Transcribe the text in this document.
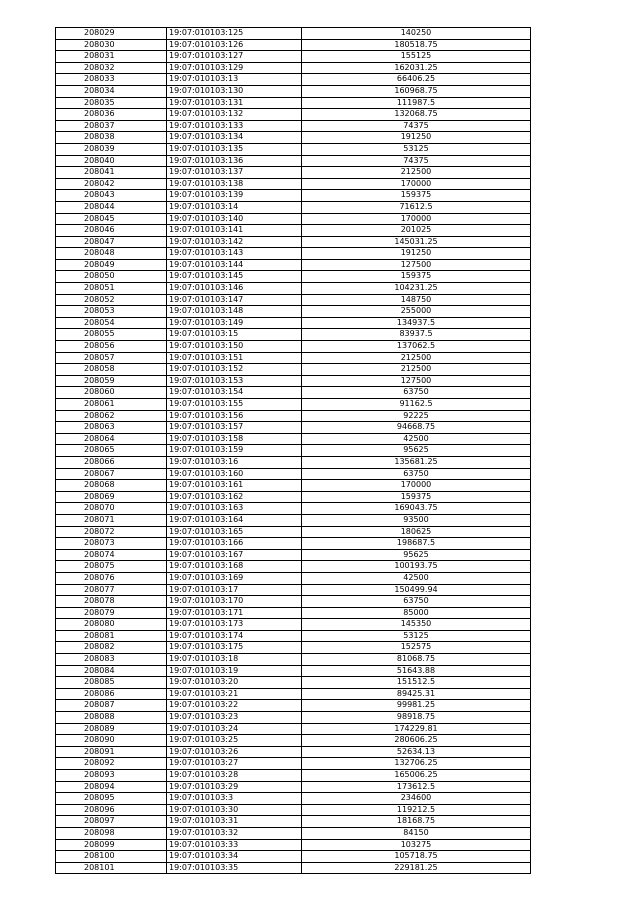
208029	19:07:010103:125	140250
208030	19:07:010103:126	180518.75
208031	19:07:010103:127	155125
208032	19:07:010103:129	162031.25
208033	19:07:010103:13	66406.25
208034	19:07:010103:130	160968.75
208035	19:07:010103:131	111987.5
208036	19:07:010103:132	132068.75
208037	19:07:010103:133	74375
208038	19:07:010103:134	191250
208039	19:07:010103:135	53125
208040	19:07:010103:136	74375
208041	19:07:010103:137	212500
208042	19:07:010103:138	170000
208043	19:07:010103:139	159375
208044	19:07:010103:14	71612.5
208045	19:07:010103:140	170000
208046	19:07:010103:141	201025
208047	19:07:010103:142	145031.25
208048	19:07:010103:143	191250
208049	19:07:010103:144	127500
208050	19:07:010103:145	159375
208051	19:07:010103:146	104231.25
208052	19:07:010103:147	148750
208053	19:07:010103:148	255000
208054	19:07:010103:149	134937.5
208055	19:07:010103:15	83937.5
208056	19:07:010103:150	137062.5
208057	19:07:010103:151	212500
208058	19:07:010103:152	212500
208059	19:07:010103:153	127500
208060	19:07:010103:154	63750
208061	19:07:010103:155	91162.5
208062	19:07:010103:156	92225
208063	19:07:010103:157	94668.75
208064	19:07:010103:158	42500
208065	19:07:010103:159	95625
208066	19:07:010103:16	135681.25
208067	19:07:010103:160	63750
208068	19:07:010103:161	170000
208069	19:07:010103:162	159375
208070	19:07:010103:163	169043.75
208071	19:07:010103:164	93500
208072	19:07:010103:165	180625
208073	19:07:010103:166	198687.5
208074	19:07:010103:167	95625
208075	19:07:010103:168	100193.75
208076	19:07:010103:169	42500
208077	19:07:010103:17	150499.94
208078	19:07:010103:170	63750
208079	19:07:010103:171	85000
208080	19:07:010103:173	145350
208081	19:07:010103:174	53125
208082	19:07:010103:175	152575
208083	19:07:010103:18	81068.75
208084	19:07:010103:19	51643.88
208085	19:07:010103:20	151512.5
208086	19:07:010103:21	89425.31
208087	19:07:010103:22	99981.25
208088	19:07:010103:23	98918.75
208089	19:07:010103:24	174229.81
208090	19:07:010103:25	280606.25
208091	19:07:010103:26	52634.13
208092	19:07:010103:27	132706.25
208093	19:07:010103:28	165006.25
208094	19:07:010103:29	173612.5
208095	19:07:010103:3	234600
208096	19:07:010103:30	119212.5
208097	19:07:010103:31	18168.75
208098	19:07:010103:32	84150
208099	19:07:010103:33	103275
208100	19:07:010103:34	105718.75
208101	19:07:010103:35	229181.25
